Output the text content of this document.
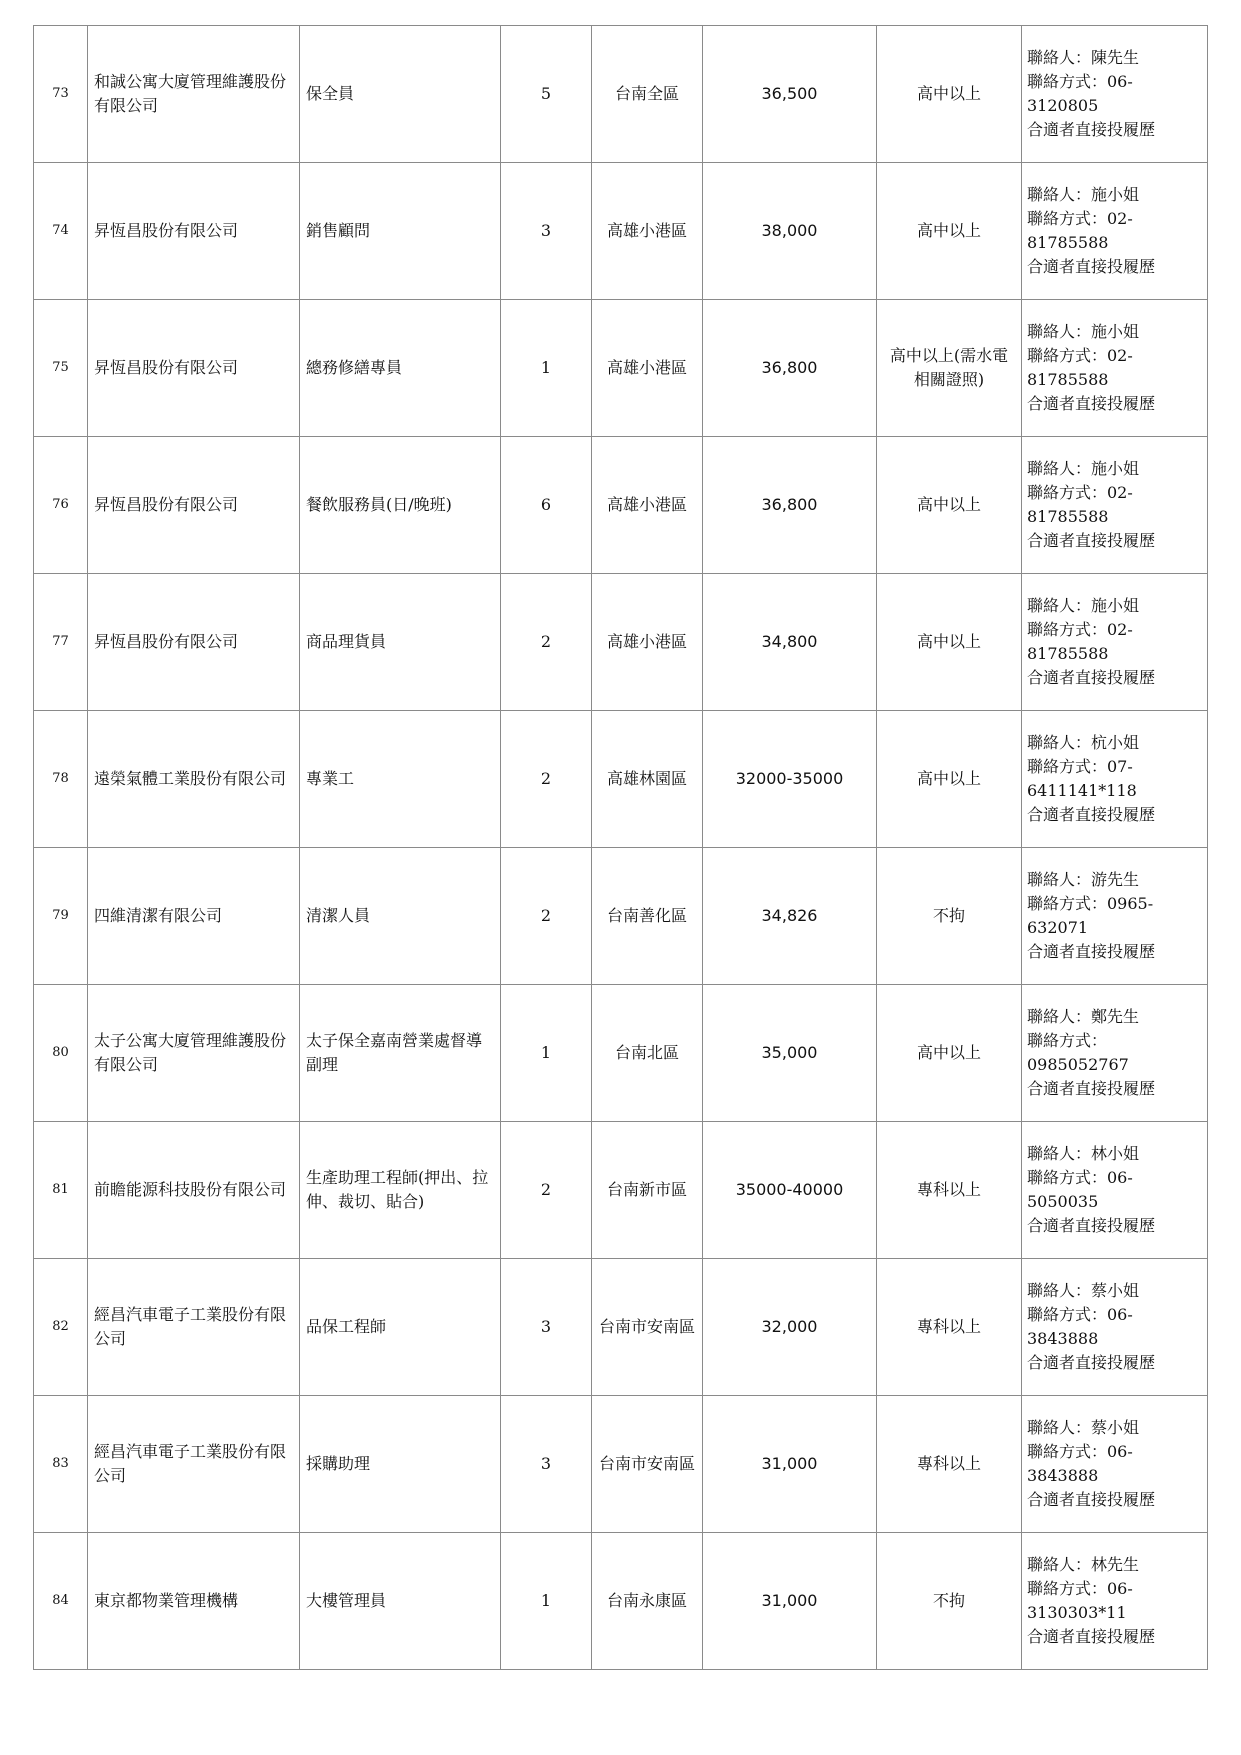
73	和誠公寓大廈管理維護股份有限公司	保全員	5	台南全區	36,500	高中以上	聯絡人：陳先生
聯絡方式：06-
3120805
合適者直接投履歷

74	昇恆昌股份有限公司	銷售顧問	3	高雄小港區	38,000	高中以上	聯絡人：施小姐
聯絡方式：02-
81785588
合適者直接投履歷

75	昇恆昌股份有限公司	總務修繕專員	1	高雄小港區	36,800	高中以上(需水電相關證照)	聯絡人：施小姐
聯絡方式：02-
81785588
合適者直接投履歷

76	昇恆昌股份有限公司	餐飲服務員(日/晚班)	6	高雄小港區	36,800	高中以上	聯絡人：施小姐
聯絡方式：02-
81785588
合適者直接投履歷

77	昇恆昌股份有限公司	商品理貨員	2	高雄小港區	34,800	高中以上	聯絡人：施小姐
聯絡方式：02-
81785588
合適者直接投履歷

78	遠榮氣體工業股份有限公司	專業工	2	高雄林園區	32000-35000	高中以上	聯絡人：杭小姐
聯絡方式：07-
6411141*118
合適者直接投履歷

79	四維清潔有限公司	清潔人員	2	台南善化區	34,826	不拘	聯絡人：游先生
聯絡方式：0965-
632071
合適者直接投履歷

80	太子公寓大廈管理維護股份有限公司	太子保全嘉南營業處督導副理	1	台南北區	35,000	高中以上	聯絡人：鄭先生
聯絡方式：
0985052767
合適者直接投履歷

81	前瞻能源科技股份有限公司	生產助理工程師(押出、拉伸、裁切、貼合)	2	台南新市區	35000-40000	專科以上	聯絡人：林小姐
聯絡方式：06-
5050035
合適者直接投履歷

82	經昌汽車電子工業股份有限公司	品保工程師	3	台南市安南區	32,000	專科以上	聯絡人：蔡小姐
聯絡方式：06-
3843888
合適者直接投履歷

83	經昌汽車電子工業股份有限公司	採購助理	3	台南市安南區	31,000	專科以上	聯絡人：蔡小姐
聯絡方式：06-
3843888
合適者直接投履歷

84	東京都物業管理機構	大樓管理員	1	台南永康區	31,000	不拘	聯絡人：林先生
聯絡方式：06-
3130303*11
合適者直接投履歷
